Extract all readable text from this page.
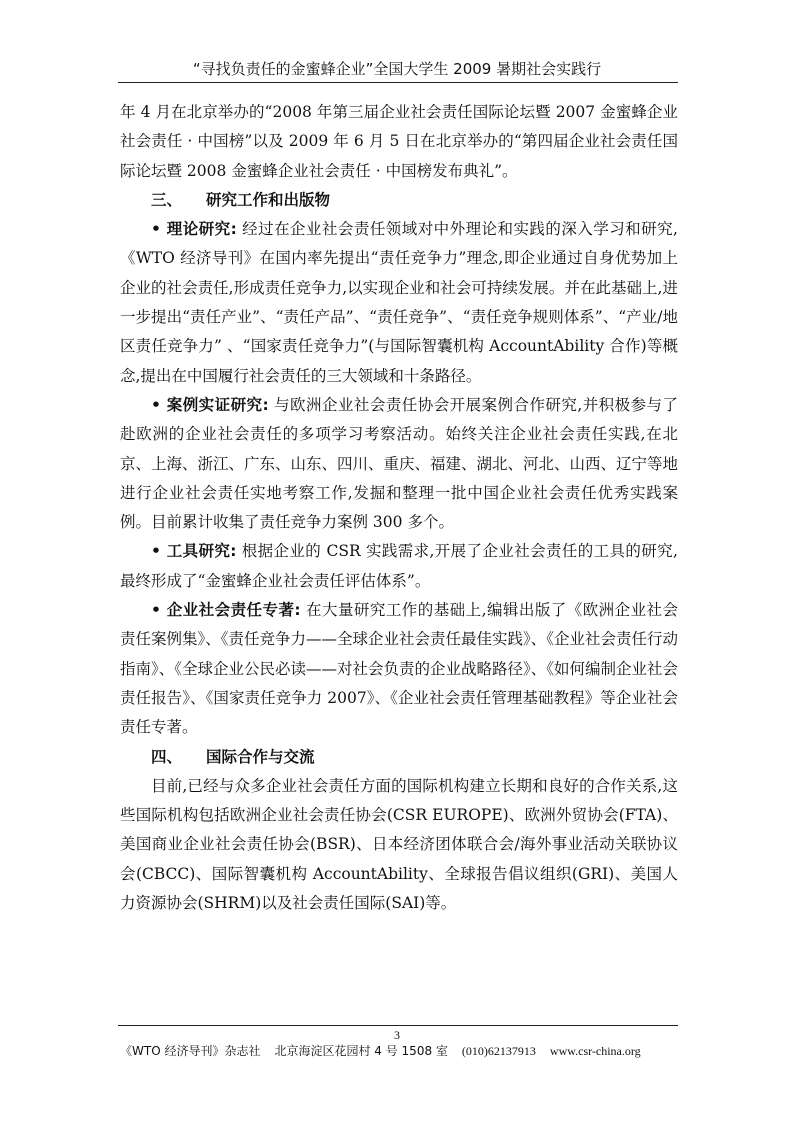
“寻找负责任的金蜜蜂企业”全国大学生 2009 暑期社会实践行

年 4 月在北京举办的“2008 年第三届企业社会责任国际论坛暨 2007 金蜜蜂企业社会责任 · 中国榜”以及 2009 年 6 月 5 日在北京举办的“第四届企业社会责任国际论坛暨 2008 金蜜蜂企业社会责任 · 中国榜发布典礼”。

三、 研究工作和出版物

• 理论研究: 经过在企业社会责任领域对中外理论和实践的深入学习和研究,《WTO 经济导刊》在国内率先提出“责任竞争力”理念,即企业通过自身优势加上企业的社会责任,形成责任竞争力,以实现企业和社会可持续发展。并在此基础上,进一步提出“责任产业”、“责任产品”、“责任竞争”、“责任竞争规则体系”、“产业/地区责任竞争力” 、“国家责任竞争力”(与国际智囊机构 AccountAbility 合作)等概念,提出在中国履行社会责任的三大领域和十条路径。

• 案例实证研究: 与欧洲企业社会责任协会开展案例合作研究,并积极参与了赴欧洲的企业社会责任的多项学习考察活动。始终关注企业社会责任实践,在北京、上海、浙江、广东、山东、四川、重庆、福建、湖北、河北、山西、辽宁等地进行企业社会责任实地考察工作,发掘和整理一批中国企业社会责任优秀实践案例。目前累计收集了责任竞争力案例 300 多个。

• 工具研究: 根据企业的 CSR 实践需求,开展了企业社会责任的工具的研究,最终形成了“金蜜蜂企业社会责任评估体系”。

• 企业社会责任专著: 在大量研究工作的基础上,编辑出版了《欧洲企业社会责任案例集》、《责任竞争力——全球企业社会责任最佳实践》、《企业社会责任行动指南》、《全球企业公民必读——对社会负责的企业战略路径》、《如何编制企业社会责任报告》、《国家责任竞争力 2007》、《企业社会责任管理基础教程》等企业社会责任专著。

四、 国际合作与交流

目前,已经与众多企业社会责任方面的国际机构建立长期和良好的合作关系,这些国际机构包括欧洲企业社会责任协会(CSR EUROPE)、欧洲外贸协会(FTA)、美国商业企业社会责任协会(BSR)、日本经济团体联合会/海外事业活动关联协议会(CBCC)、国际智囊机构 AccountAbility、全球报告倡议组织(GRI)、美国人力资源协会(SHRM)以及社会责任国际(SAI)等。

3
《WTO 经济导刊》杂志社 北京海淀区花园村 4 号 1508 室 (010)62137913 www.csr-china.org
